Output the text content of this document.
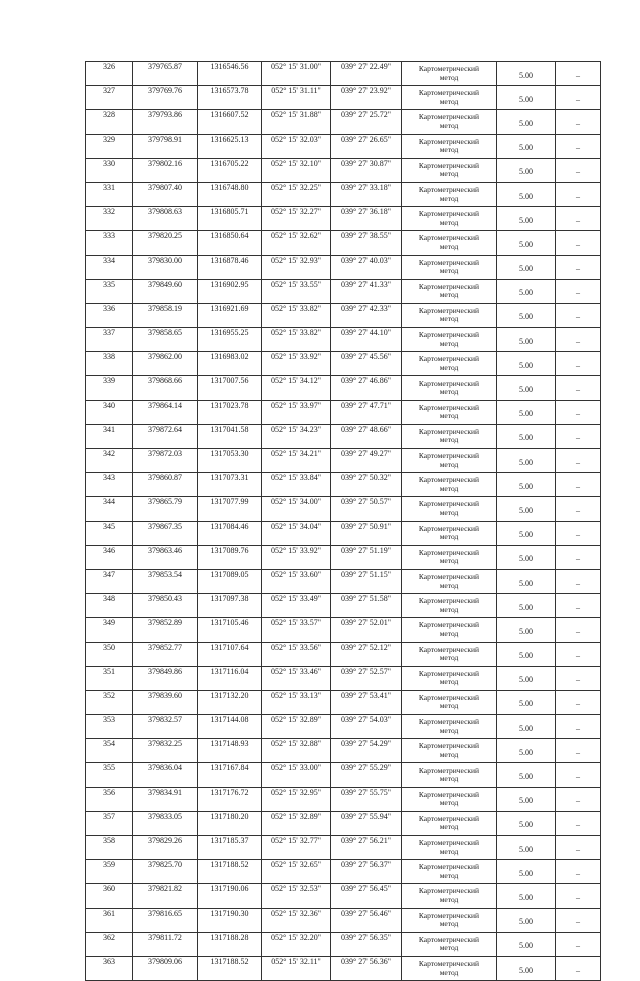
326	379765.87	1316546.56	052° 15' 31.00"	039° 27' 22.49"	Картометрический
метод	5.00	–
327	379769.76	1316573.78	052° 15' 31.11"	039° 27' 23.92"	Картометрический
метод	5.00	–
328	379793.86	1316607.52	052° 15' 31.88"	039° 27' 25.72"	Картометрический
метод	5.00	–
329	379798.91	1316625.13	052° 15' 32.03"	039° 27' 26.65"	Картометрический
метод	5.00	–
330	379802.16	1316705.22	052° 15' 32.10"	039° 27' 30.87"	Картометрический
метод	5.00	–
331	379807.40	1316748.80	052° 15' 32.25"	039° 27' 33.18"	Картометрический
метод	5.00	–
332	379808.63	1316805.71	052° 15' 32.27"	039° 27' 36.18"	Картометрический
метод	5.00	–
333	379820.25	1316850.64	052° 15' 32.62"	039° 27' 38.55"	Картометрический
метод	5.00	–
334	379830.00	1316878.46	052° 15' 32.93"	039° 27' 40.03"	Картометрический
метод	5.00	–
335	379849.60	1316902.95	052° 15' 33.55"	039° 27' 41.33"	Картометрический
метод	5.00	–
336	379858.19	1316921.69	052° 15' 33.82"	039° 27' 42.33"	Картометрический
метод	5.00	–
337	379858.65	1316955.25	052° 15' 33.82"	039° 27' 44.10"	Картометрический
метод	5.00	–
338	379862.00	1316983.02	052° 15' 33.92"	039° 27' 45.56"	Картометрический
метод	5.00	–
339	379868.66	1317007.56	052° 15' 34.12"	039° 27' 46.86"	Картометрический
метод	5.00	–
340	379864.14	1317023.78	052° 15' 33.97"	039° 27' 47.71"	Картометрический
метод	5.00	–
341	379872.64	1317041.58	052° 15' 34.23"	039° 27' 48.66"	Картометрический
метод	5.00	–
342	379872.03	1317053.30	052° 15' 34.21"	039° 27' 49.27"	Картометрический
метод	5.00	–
343	379860.87	1317073.31	052° 15' 33.84"	039° 27' 50.32"	Картометрический
метод	5.00	–
344	379865.79	1317077.99	052° 15' 34.00"	039° 27' 50.57"	Картометрический
метод	5.00	–
345	379867.35	1317084.46	052° 15' 34.04"	039° 27' 50.91"	Картометрический
метод	5.00	–
346	379863.46	1317089.76	052° 15' 33.92"	039° 27' 51.19"	Картометрический
метод	5.00	–
347	379853.54	1317089.05	052° 15' 33.60"	039° 27' 51.15"	Картометрический
метод	5.00	–
348	379850.43	1317097.38	052° 15' 33.49"	039° 27' 51.58"	Картометрический
метод	5.00	–
349	379852.89	1317105.46	052° 15' 33.57"	039° 27' 52.01"	Картометрический
метод	5.00	–
350	379852.77	1317107.64	052° 15' 33.56"	039° 27' 52.12"	Картометрический
метод	5.00	–
351	379849.86	1317116.04	052° 15' 33.46"	039° 27' 52.57"	Картометрический
метод	5.00	–
352	379839.60	1317132.20	052° 15' 33.13"	039° 27' 53.41"	Картометрический
метод	5.00	–
353	379832.57	1317144.08	052° 15' 32.89"	039° 27' 54.03"	Картометрический
метод	5.00	–
354	379832.25	1317148.93	052° 15' 32.88"	039° 27' 54.29"	Картометрический
метод	5.00	–
355	379836.04	1317167.84	052° 15' 33.00"	039° 27' 55.29"	Картометрический
метод	5.00	–
356	379834.91	1317176.72	052° 15' 32.95"	039° 27' 55.75"	Картометрический
метод	5.00	–
357	379833.05	1317180.20	052° 15' 32.89"	039° 27' 55.94"	Картометрический
метод	5.00	–
358	379829.26	1317185.37	052° 15' 32.77"	039° 27' 56.21"	Картометрический
метод	5.00	–
359	379825.70	1317188.52	052° 15' 32.65"	039° 27' 56.37"	Картометрический
метод	5.00	–
360	379821.82	1317190.06	052° 15' 32.53"	039° 27' 56.45"	Картометрический
метод	5.00	–
361	379816.65	1317190.30	052° 15' 32.36"	039° 27' 56.46"	Картометрический
метод	5.00	–
362	379811.72	1317188.28	052° 15' 32.20"	039° 27' 56.35"	Картометрический
метод	5.00	–
363	379809.06	1317188.52	052° 15' 32.11"	039° 27' 56.36"	Картометрический
метод	5.00	–
